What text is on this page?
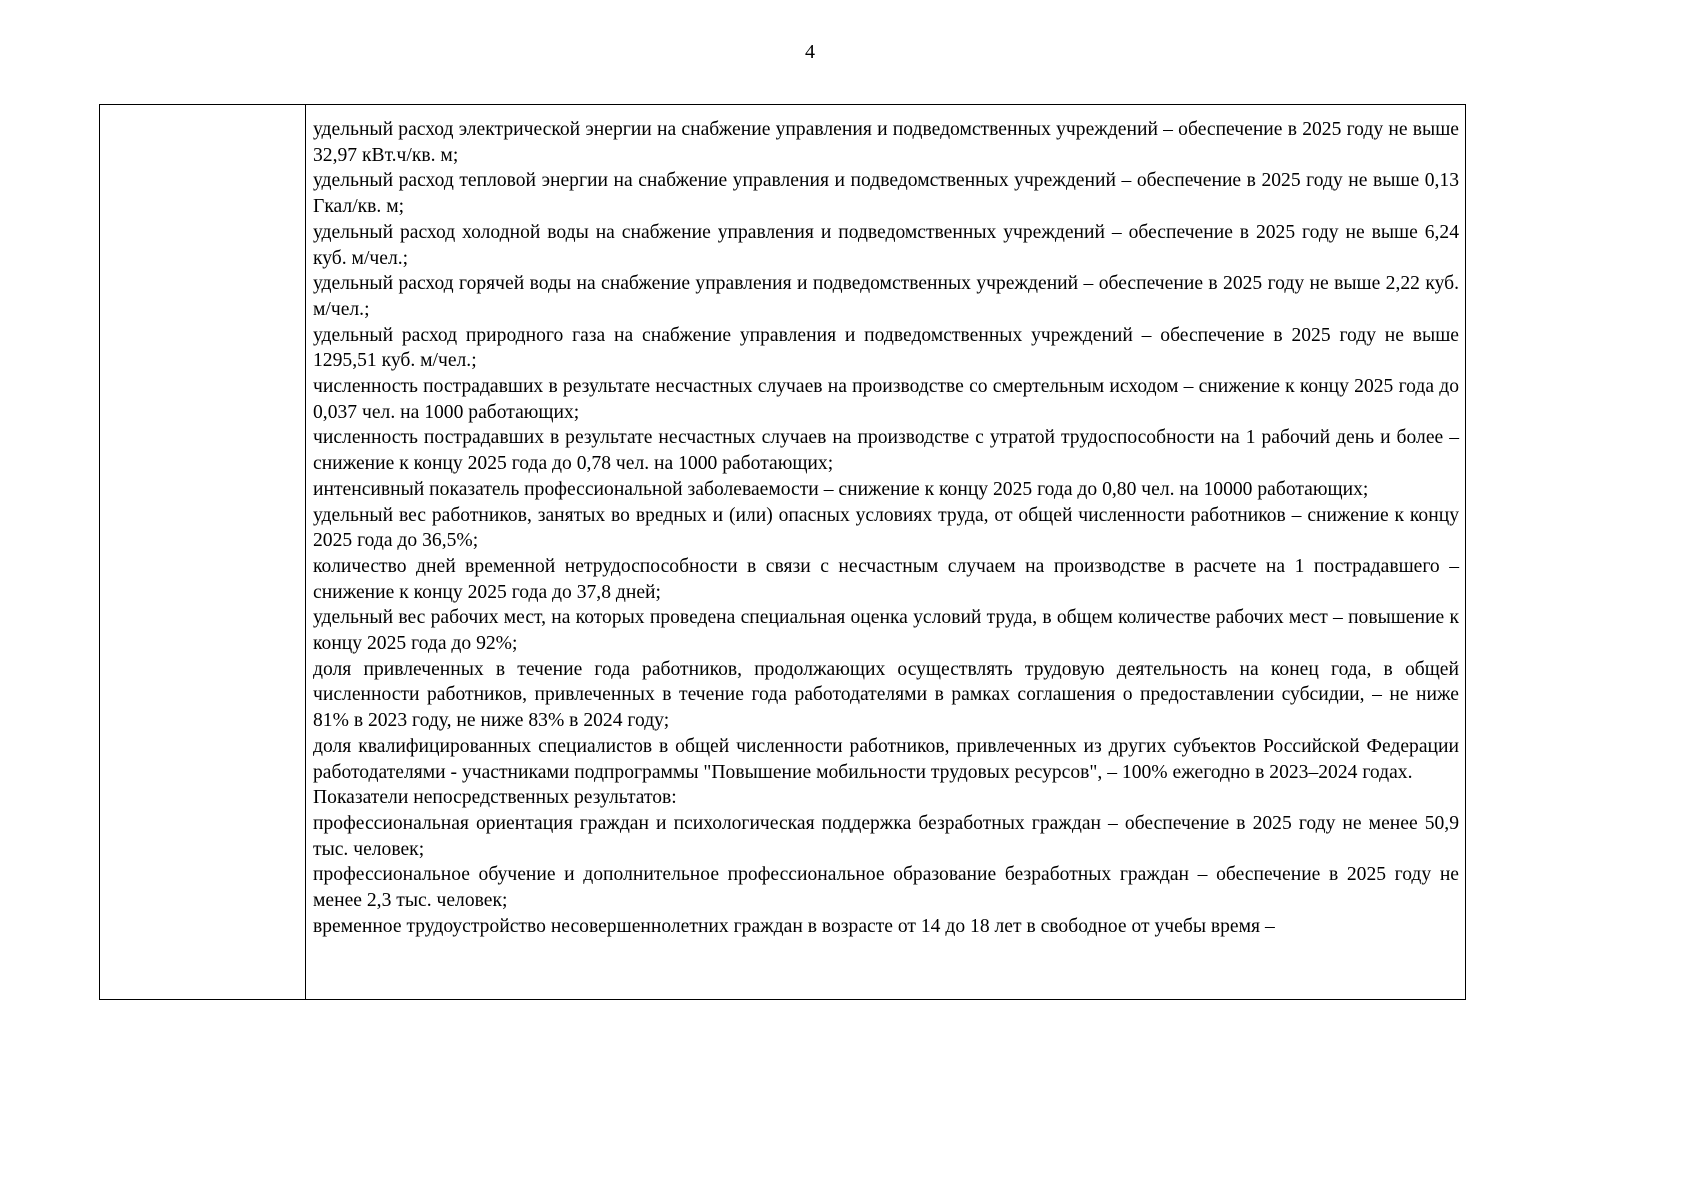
4

удельный расход электрической энергии на снабжение управления и подведомственных учреждений – обеспечение в 2025 году не выше 32,97 кВт.ч/кв. м;

удельный расход тепловой энергии на снабжение управления и подведомственных учреждений – обеспечение в 2025 году не выше 0,13 Гкал/кв. м;

удельный расход холодной воды на снабжение управления и подведомственных учреждений – обеспечение в 2025 году не выше 6,24 куб. м/чел.;

удельный расход горячей воды на снабжение управления и подведомственных учреждений – обеспечение в 2025 году не выше 2,22 куб. м/чел.;

удельный расход природного газа на снабжение управления и подведомственных учреждений – обеспечение в 2025 году не выше 1295,51 куб. м/чел.;

численность пострадавших в результате несчастных случаев на производстве со смертельным исходом – снижение к концу 2025 года до 0,037 чел. на 1000 работающих;

численность пострадавших в результате несчастных случаев на производстве с утратой трудоспособности на 1 рабочий день и более – снижение к концу 2025 года до 0,78 чел. на 1000 работающих;

интенсивный показатель профессиональной заболеваемости – снижение к концу 2025 года до 0,80 чел. на 10000 работающих;

удельный вес работников, занятых во вредных и (или) опасных условиях труда, от общей численности работников – снижение к концу 2025 года до 36,5%;

количество дней временной нетрудоспособности в связи с несчастным случаем на производстве в расчете на 1 пострадавшего – снижение к концу 2025 года до 37,8 дней;

удельный вес рабочих мест, на которых проведена специальная оценка условий труда, в общем количестве рабочих мест – повышение к концу 2025 года до 92%;

доля привлеченных в течение года работников, продолжающих осуществлять трудовую деятельность на конец года, в общей численности работников, привлеченных в течение года работодателями в рамках соглашения о предоставлении субсидии, – не ниже 81% в 2023 году, не ниже 83% в 2024 году;

доля квалифицированных специалистов в общей численности работников, привлеченных из других субъектов Российской Федерации работодателями - участниками подпрограммы "Повышение мобильности трудовых ресурсов", – 100% ежегодно в 2023–2024 годах.

Показатели непосредственных результатов:

профессиональная ориентация граждан и психологическая поддержка безработных граждан – обеспечение в 2025 году не менее 50,9 тыс. человек;

профессиональное обучение и дополнительное профессиональное образование безработных граждан – обеспечение в 2025 году не менее 2,3 тыс. человек;

временное трудоустройство несовершеннолетних граждан в возрасте от 14 до 18 лет в свободное от учебы время –
